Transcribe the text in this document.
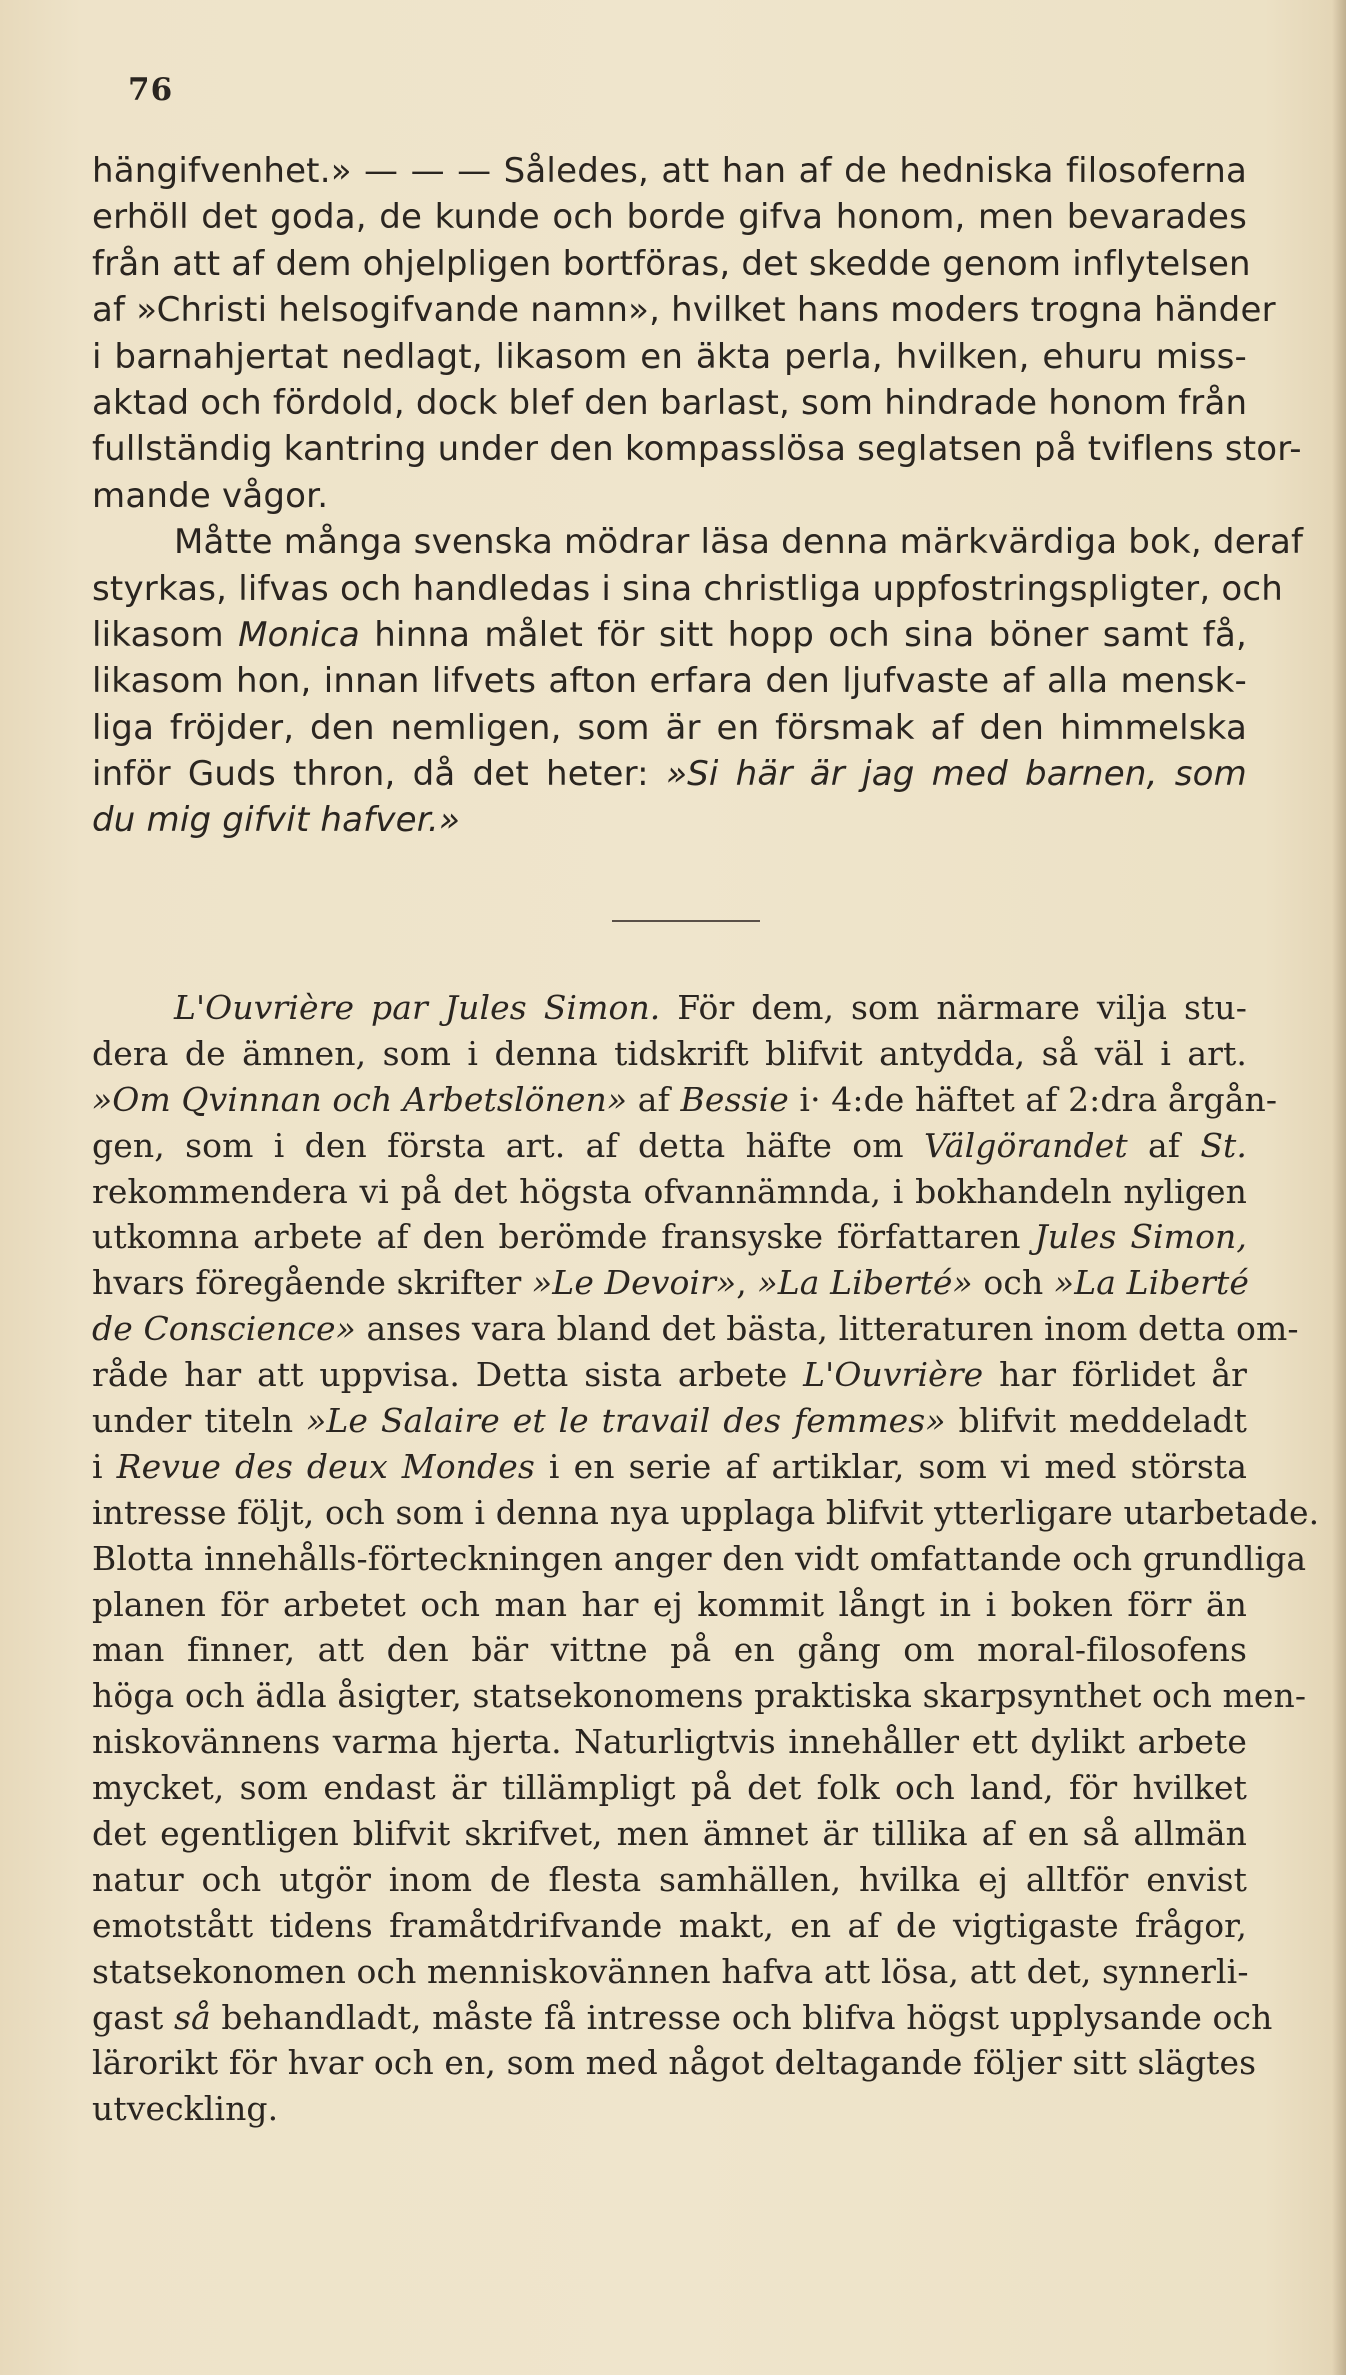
76
hängifvenhet.» — — — Således, att han af de hedniska filosoferna
erhöll det goda, de kunde och borde gifva honom, men bevarades
från att af dem ohjelpligen bortföras, det skedde genom inflytelsen
af »Christi helsogifvande namn», hvilket hans moders trogna händer
i barnahjertat nedlagt, likasom en äkta perla, hvilken, ehuru miss-
aktad och fördold, dock blef den barlast, som hindrade honom från
fullständig kantring under den kompasslösa seglatsen på tviflens stor-
mande vågor.
Måtte många svenska mödrar läsa denna märkvärdiga bok, deraf
styrkas, lifvas och handledas i sina christliga uppfostringspligter, och
likasom Monica hinna målet för sitt hopp och sina böner samt få,
likasom hon, innan lifvets afton erfara den ljufvaste af alla mensk-
liga fröjder, den nemligen, som är en försmak af den himmelska
inför Guds thron, då det heter: »Si här är jag med barnen, som
du mig gifvit hafver.»
L'Ouvrière par Jules Simon. För dem, som närmare vilja stu-
dera de ämnen, som i denna tidskrift blifvit antydda, så väl i art.
»Om Qvinnan och Arbetslönen» af Bessie i· 4:de häftet af 2:dra årgån-
gen, som i den första art. af detta häfte om Välgörandet af St.
rekommendera vi på det högsta ofvannämnda, i bokhandeln nyligen
utkomna arbete af den berömde fransyske författaren Jules Simon,
hvars föregående skrifter »Le Devoir», »La Liberté» och »La Liberté
de Conscience» anses vara bland det bästa, litteraturen inom detta om-
råde har att uppvisa. Detta sista arbete L'Ouvrière har förlidet år
under titeln »Le Salaire et le travail des femmes» blifvit meddeladt
i Revue des deux Mondes i en serie af artiklar, som vi med största
intresse följt, och som i denna nya upplaga blifvit ytterligare utarbetade.
Blotta innehålls-förteckningen anger den vidt omfattande och grundliga
planen för arbetet och man har ej kommit långt in i boken förr än
man finner, att den bär vittne på en gång om moral-filosofens
höga och ädla åsigter, statsekonomens praktiska skarpsynthet och men-
niskovännens varma hjerta. Naturligtvis innehåller ett dylikt arbete
mycket, som endast är tillämpligt på det folk och land, för hvilket
det egentligen blifvit skrifvet, men ämnet är tillika af en så allmän
natur och utgör inom de flesta samhällen, hvilka ej alltför envist
emotstått tidens framåtdrifvande makt, en af de vigtigaste frågor,
statsekonomen och menniskovännen hafva att lösa, att det, synnerli-
gast så behandladt, måste få intresse och blifva högst upplysande och
lärorikt för hvar och en, som med något deltagande följer sitt slägtes
utveckling.
